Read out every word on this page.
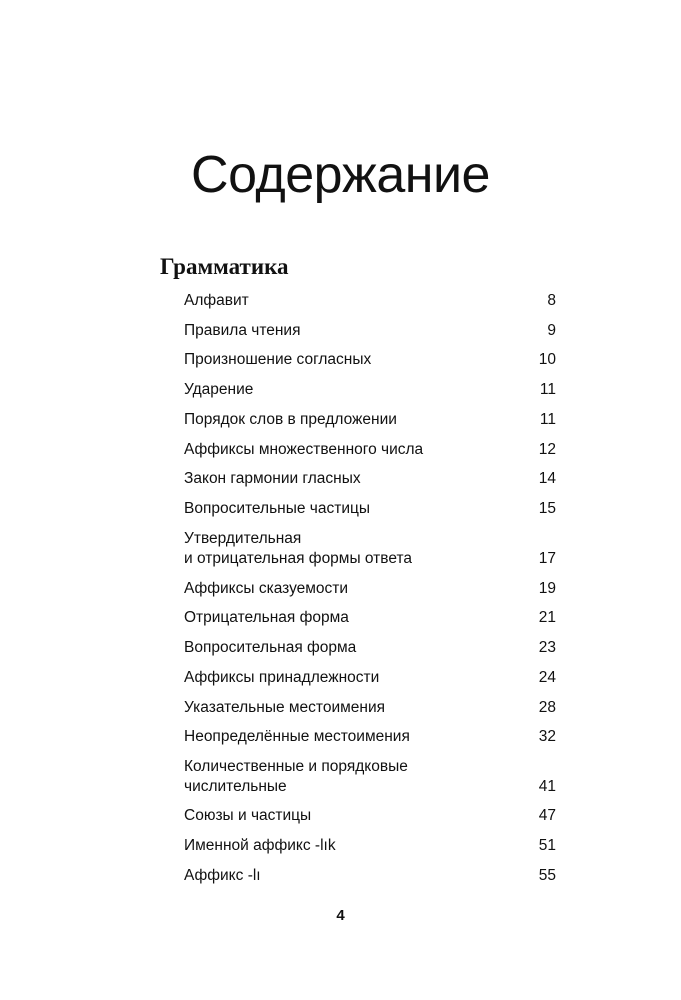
Содержание
Грамматика
Алфавит	8
Правила чтения	9
Произношение согласных	10
Ударение	11
Порядок слов в предложении	11
Аффиксы множественного числа	12
Закон гармонии гласных	14
Вопросительные частицы	15
Утвердительная
и отрицательная формы ответа	17
Аффиксы сказуемости	19
Отрицательная форма	21
Вопросительная форма	23
Аффиксы принадлежности	24
Указательные местоимения	28
Неопределённые местоимения	32
Количественные и порядковые
числительные	41
Союзы и частицы	47
Именной аффикс -lık	51
Аффикс -lı	55
4
